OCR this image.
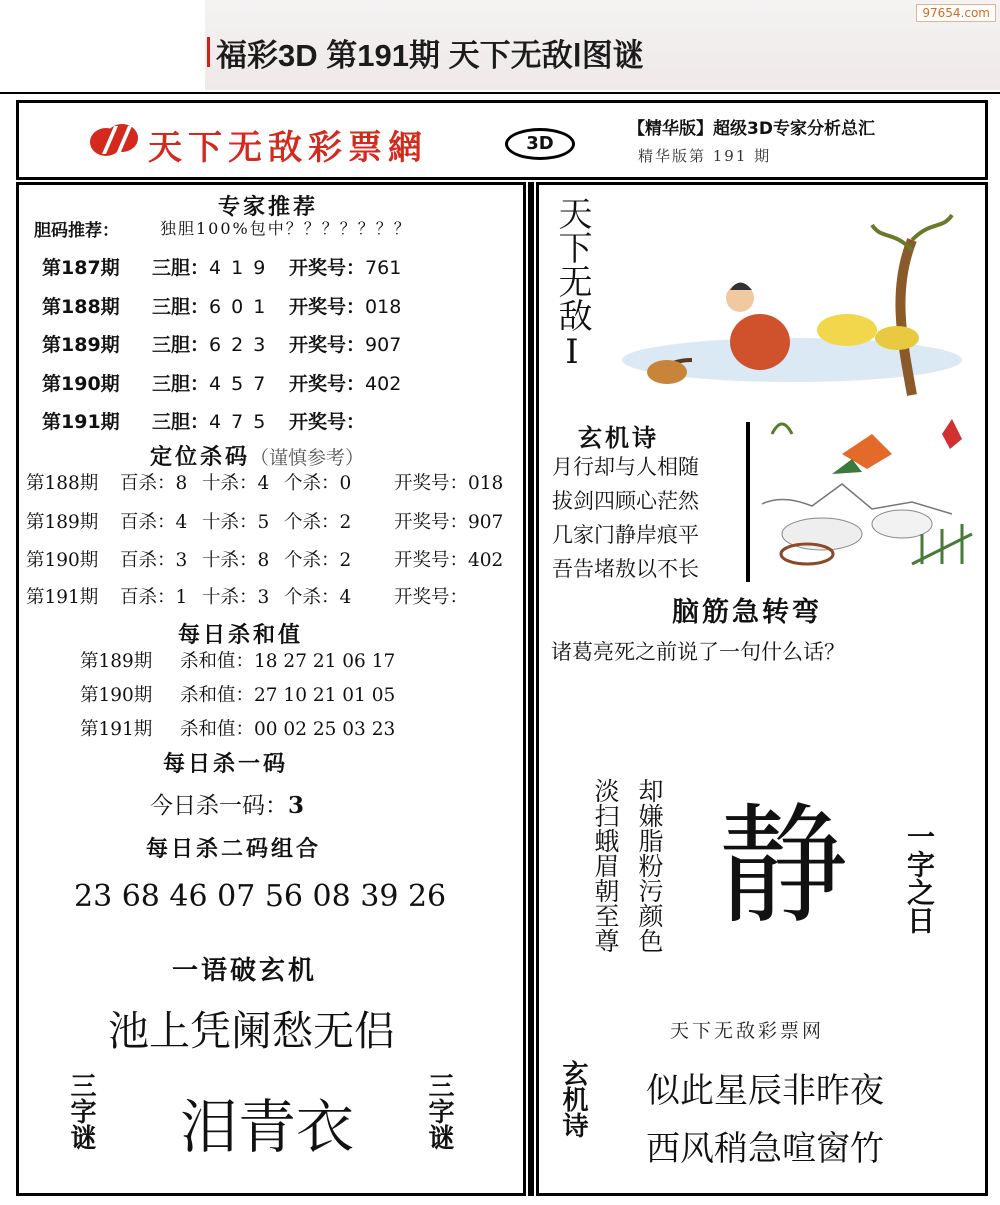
97654.com
福彩3D 第191期 天下无敌Ⅰ图谜
天下无敌彩票網	3D
【精华版】超级3D专家分析总汇
精华版第 191 期
专家推荐
胆码推荐：	独胆100%包中？？？？？？？
第187期 三胆：4 1 9 开奖号：761
第188期 三胆：6 0 1 开奖号：018
第189期 三胆：6 2 3 开奖号：907
第190期 三胆：4 5 7 开奖号：402
第191期 三胆：4 7 5 开奖号：
定位杀码（谨慎参考）
第188期 百杀：8 十杀：4 个杀：0 开奖号：018
第189期 百杀：4 十杀：5 个杀：2 开奖号：907
第190期 百杀：3 十杀：8 个杀：2 开奖号：402
第191期 百杀：1 十杀：3 个杀：4 开奖号：
每日杀和值
第189期 杀和值：18 27 21 06 17
第190期 杀和值：27 10 21 01 05
第191期 杀和值：00 02 25 03 23
每日杀一码
今日杀一码：3
每日杀二码组合
23 68 46 07 56 08 39 26
一语破玄机
池上凭阑愁无侣
三字谜 泪青衣	三字谜
天下无敌Ⅰ
玄机诗
月行却与人相随
拔剑四顾心茫然
几家门静岸痕平
吾告堵敖以不长
脑筋急转弯
诸葛亮死之前说了一句什么话？
淡扫蛾眉朝至尊 却嫌脂粉污颜色 静 一字之日
天下无敌彩票网
玄机诗 似此星辰非昨夜
西风稍急喧窗竹
